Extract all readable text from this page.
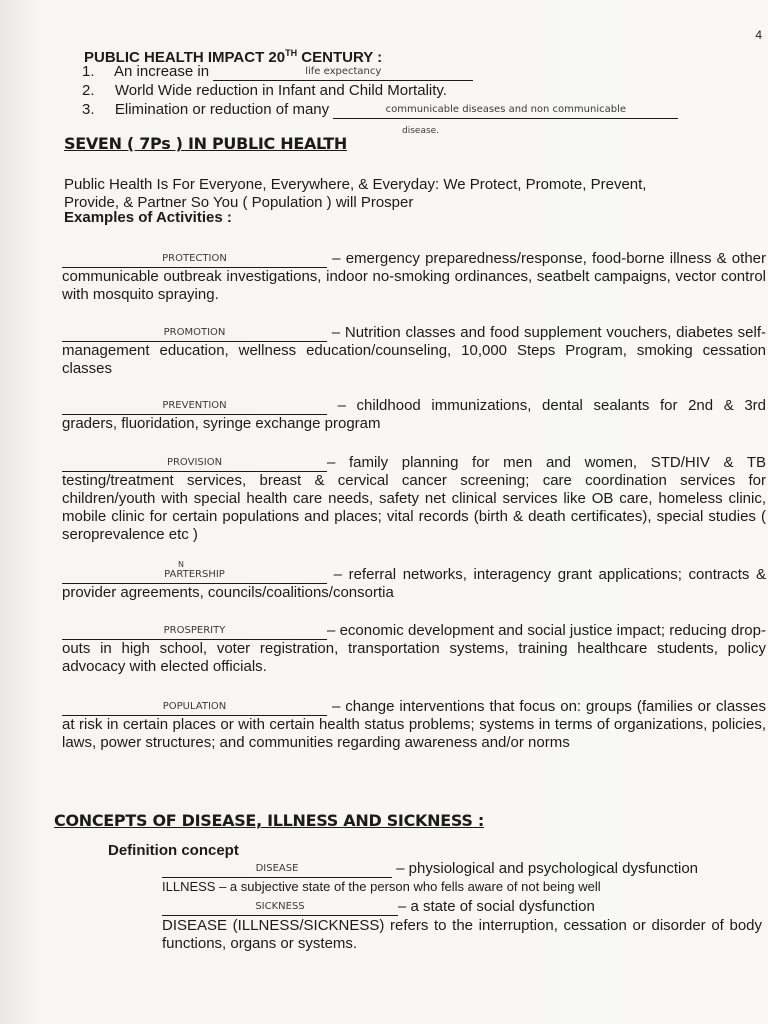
4
PUBLIC HEALTH IMPACT 20TH CENTURY :
1. An increase in	life expectancy
2. World Wide reduction in Infant and Child Mortality.
3. Elimination or reduction of many	communicable diseases and non communicable
disease.
SEVEN ( 7Ps ) IN PUBLIC HEALTH
Public Health Is For Everyone, Everywhere, & Everyday: We Protect, Promote, Prevent,
Provide, & Partner So You ( Population ) will Prosper
Examples of Activities :
PROTECTION	– emergency preparedness/response, food-borne illness & other communicable outbreak investigations, indoor no-smoking ordinances, seatbelt campaigns, vector control with mosquito spraying.
PROMOTION	– Nutrition classes and food supplement vouchers, diabetes self-management education, wellness education/counseling, 10,000 Steps Program, smoking cessation classes
PREVENTION	– childhood immunizations, dental sealants for 2nd & 3rd graders, fluoridation, syringe exchange program
PROVISION	– family planning for men and women, STD/HIV & TB testing/treatment services, breast & cervical cancer screening; care coordination services for children/youth with special health care needs, safety net clinical services like OB care, homeless clinic, mobile clinic for certain populations and places; vital records (birth & death certificates), special studies ( seroprevalence etc )
N
PARTERSHIP	– referral networks, interagency grant applications; contracts & provider agreements, councils/coalitions/consortia
PROSPERITY	– economic development and social justice impact; reducing drop-outs in high school, voter registration, transportation systems, training healthcare students, policy advocacy with elected officials.
POPULATION	– change interventions that focus on: groups (families or classes at risk in certain places or with certain health status problems; systems in terms of organizations, policies, laws, power structures; and communities regarding awareness and/or norms
CONCEPTS OF DISEASE, ILLNESS AND SICKNESS :
Definition concept
DISEASE	– physiological and psychological dysfunction
ILLNESS – a subjective state of the person who fells aware of not being well
SICKNESS	– a state of social dysfunction
DISEASE (ILLNESS/SICKNESS) refers to the interruption, cessation or disorder of body functions, organs or systems.
